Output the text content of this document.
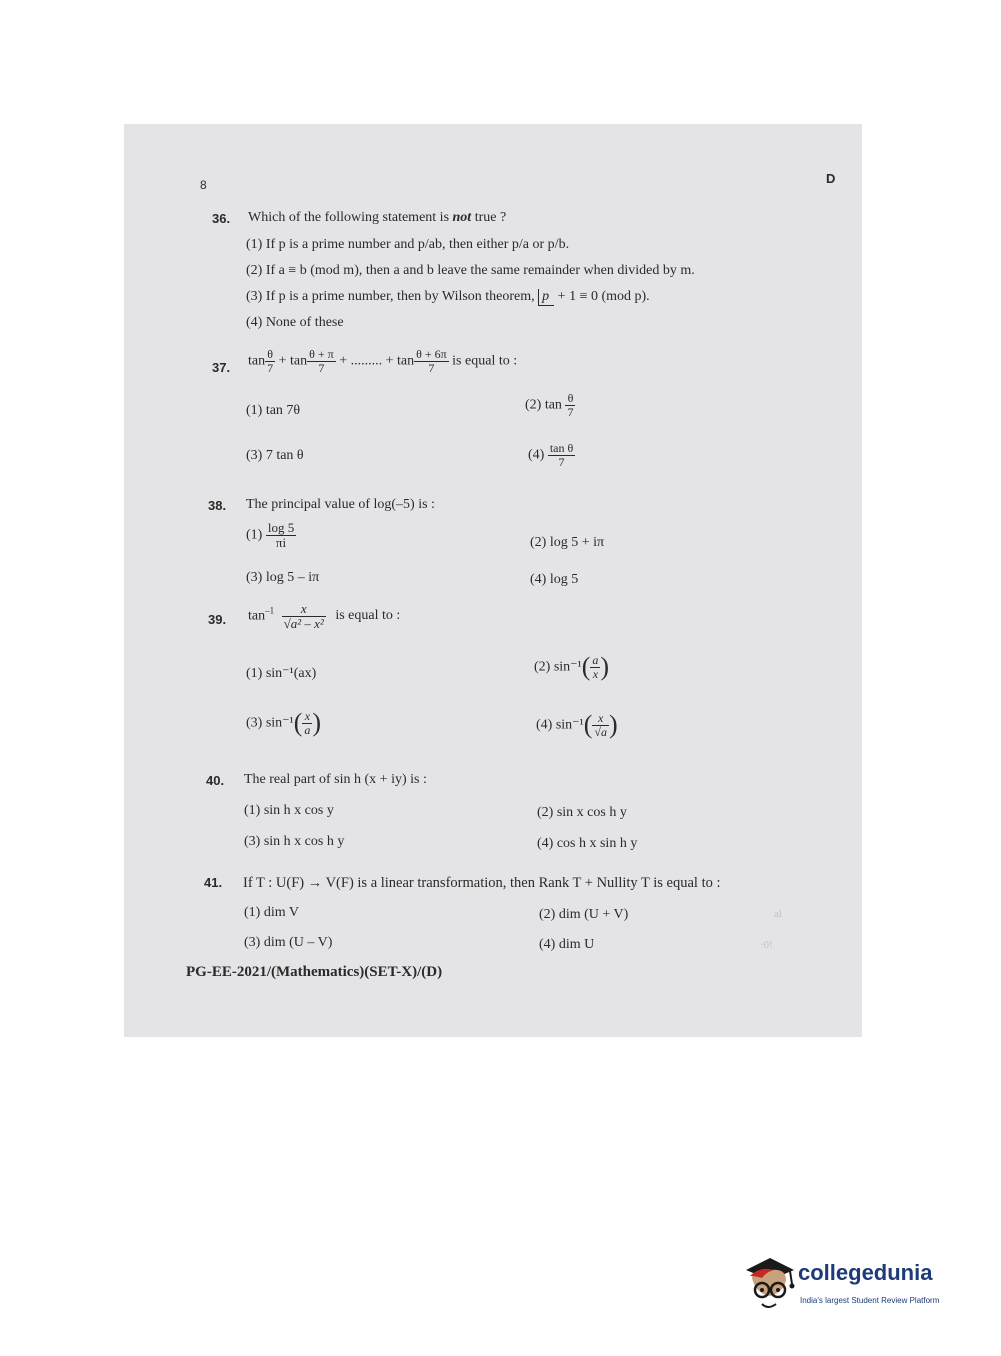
8	D
36. Which of the following statement is not true ?
(1) If p is a prime number and p/ab, then either p/a or p/b.
(2) If a ≡ b (mod m), then a and b leave the same remainder when divided by m.
(3) If p is a prime number, then by Wilson theorem, p + 1 ≡ 0 (mod p).
(4) None of these
37. $\tan \frac{\theta}{7} + \tan \frac{\theta + \pi}{7}$ + ......... + $\tan \frac{\theta + 6\pi}{7}$ is equal to :
(1) tan 7θ	(2) $\tan \frac{\theta}{7}$
(3) 7 tan θ	$(4) \frac{\text{tan θ}}{7}$
38. The principal value of log(–5) is :
$(1) \frac{\log 5}{\pi i}$	(2) log 5 + iπ
(3) log 5 – iπ	(4) log 5
39. $\tan^{-1} \frac{x}{\text{√a² – x²}}$ is equal to :
(1) sin⁻¹(ax)	(2) $\sin^{-1}( \frac{a}{x}$ )
(3) $\sin^{-1}( \frac{x}{a}$ )	(4) $\sin^{-1}( \frac{x}{√a}$ )
40. The real part of sin h (x + iy) is :
(1) sin h x cos y	(2) sin x cos h y
(3) sin h x cos h y	(4) cos h x sin h y
41. If T : U(F) → V(F) is a linear transformation, then Rank T + Nullity T is equal to :
(1) dim V	(2) dim (U + V)
(3) dim (U – V)	(4) dim U
PG-EE-2021/(Mathematics)(SET-X)/(D)
al
·0!
collegedunia
India's largest Student Review Platform
